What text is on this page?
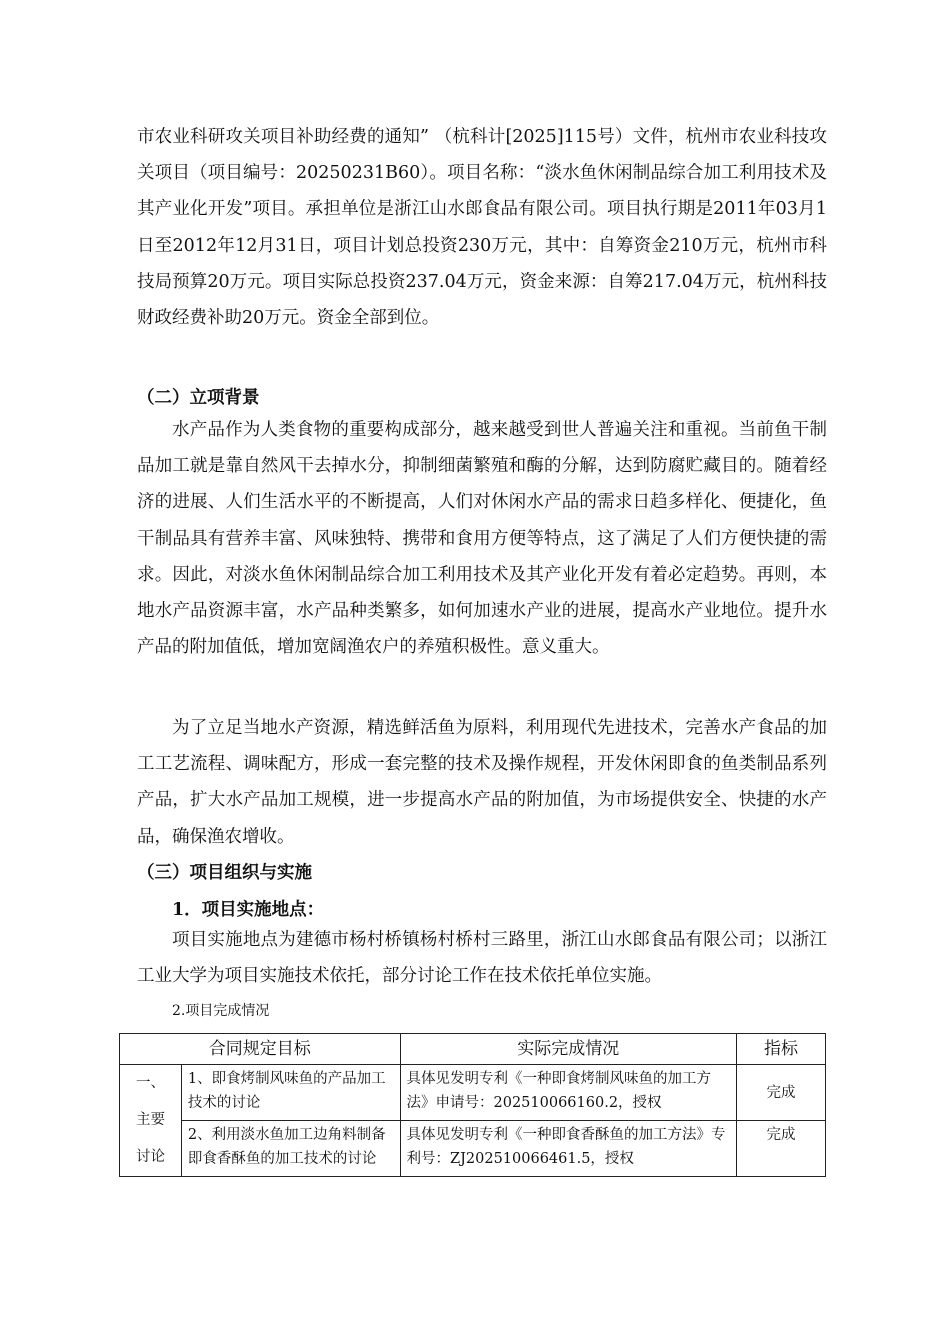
市农业科研攻关项目补助经费的通知” （杭科计[2025]115号）文件，杭州市农业科技攻关项目（项目编号：20250231B60）。项目名称：“淡水鱼休闲制品综合加工利用技术及其产业化开发”项目。承担单位是浙江山水郎食品有限公司。项目执行期是2011年03月1日至2012年12月31日，项目计划总投资230万元，其中：自筹资金210万元，杭州市科技局预算20万元。项目实际总投资237.04万元，资金来源：自筹217.04万元，杭州科技财政经费补助20万元。资金全部到位。

（二）立项背景

水产品作为人类食物的重要构成部分，越来越受到世人普遍关注和重视。当前鱼干制品加工就是靠自然风干去掉水分，抑制细菌繁殖和酶的分解，达到防腐贮藏目的。随着经济的进展、人们生活水平的不断提高，人们对休闲水产品的需求日趋多样化、便捷化，鱼干制品具有营养丰富、风味独特、携带和食用方便等特点，这了满足了人们方便快捷的需求。因此，对淡水鱼休闲制品综合加工利用技术及其产业化开发有着必定趋势。再则，本地水产品资源丰富，水产品种类繁多，如何加速水产业的进展，提高水产业地位。提升水产品的附加值低，增加宽阔渔农户的养殖积极性。意义重大。

为了立足当地水产资源，精选鲜活鱼为原料，利用现代先进技术，完善水产食品的加工工艺流程、调味配方，形成一套完整的技术及操作规程，开发休闲即食的鱼类制品系列产品，扩大水产品加工规模，进一步提高水产品的附加值，为市场提供安全、快捷的水产品，确保渔农增收。

（三）项目组织与实施

1．项目实施地点：

项目实施地点为建德市杨村桥镇杨村桥村三路里，浙江山水郎食品有限公司；以浙江工业大学为项目实施技术依托，部分讨论工作在技术依托单位实施。

2.项目完成情况

合同规定目标		实际完成情况	指标

一、
主要
讨论	1、即食烤制风味鱼的产品加工技术的讨论	具体见发明专利《一种即食烤制风味鱼的加工方法》申请号：202510066160.2，授权	完成
	2、利用淡水鱼加工边角料制备即食香酥鱼的加工技术的讨论	具体见发明专利《一种即食香酥鱼的加工方法》专利号：ZJ202510066461.5，授权	完成
